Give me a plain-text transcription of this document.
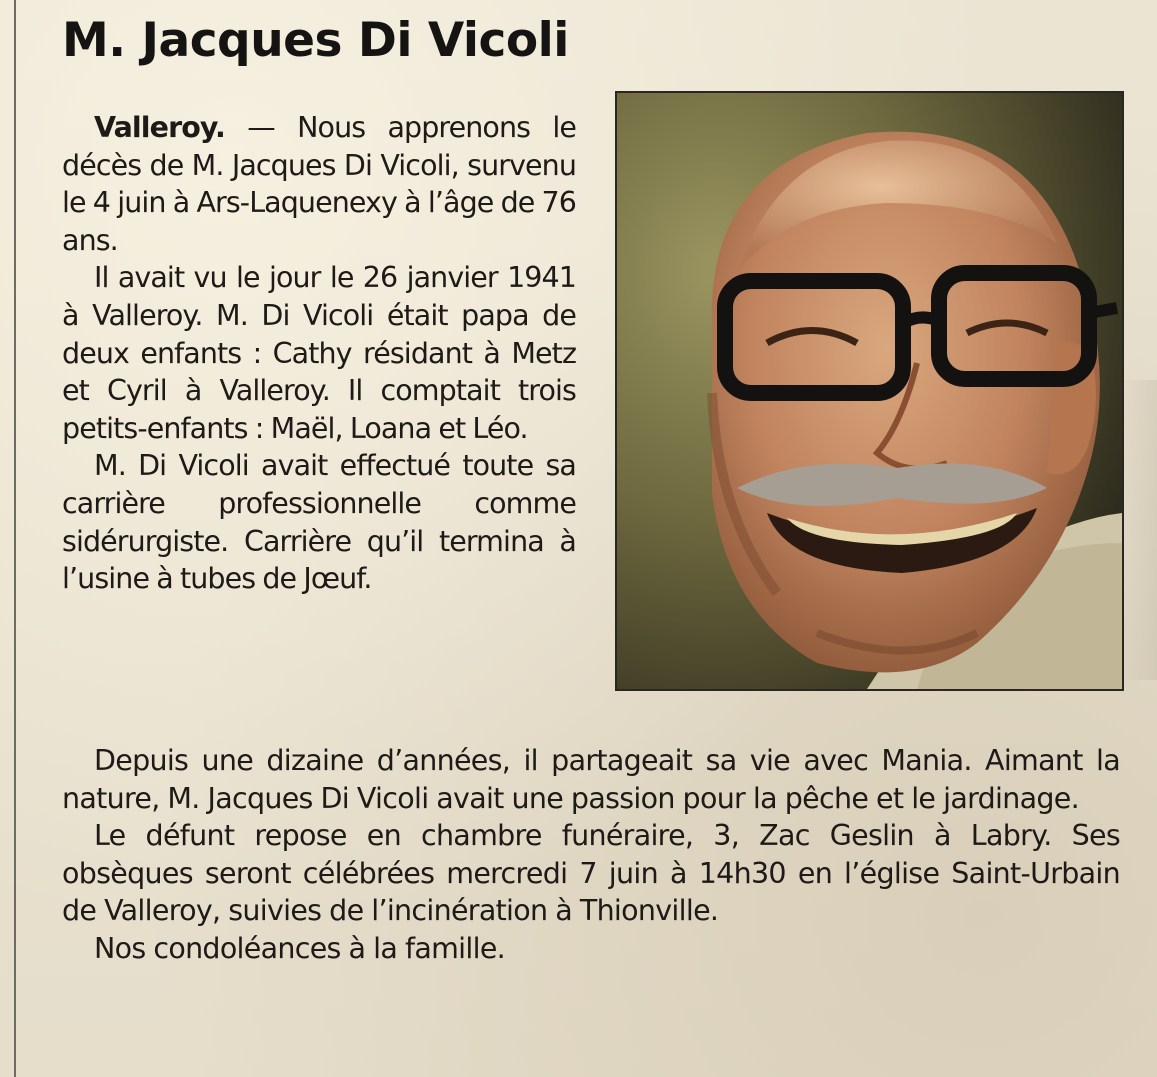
M. Jacques Di Vicoli

Valleroy. — Nous apprenons le décès de M. Jacques Di Vicoli, survenu le 4 juin à Ars-Laquenexy à l’âge de 76 ans.

Il avait vu le jour le 26 janvier 1941 à Valleroy. M. Di Vicoli était papa de deux enfants : Cathy résidant à Metz et Cyril à Valleroy. Il comptait trois petits-enfants : Maël, Loana et Léo.

M. Di Vicoli avait effectué toute sa carrière professionnelle comme sidérurgiste. Carrière qu’il termina à l’usine à tubes de Jœuf.

Depuis une dizaine d’années, il partageait sa vie avec Mania. Aimant la nature, M. Jacques Di Vicoli avait une passion pour la pêche et le jardinage.

Le défunt repose en chambre funéraire, 3, Zac Geslin à Labry. Ses obsèques seront célébrées mercredi 7 juin à 14h30 en l’église Saint-Urbain de Valleroy, suivies de l’incinération à Thionville.

Nos condoléances à la famille.
